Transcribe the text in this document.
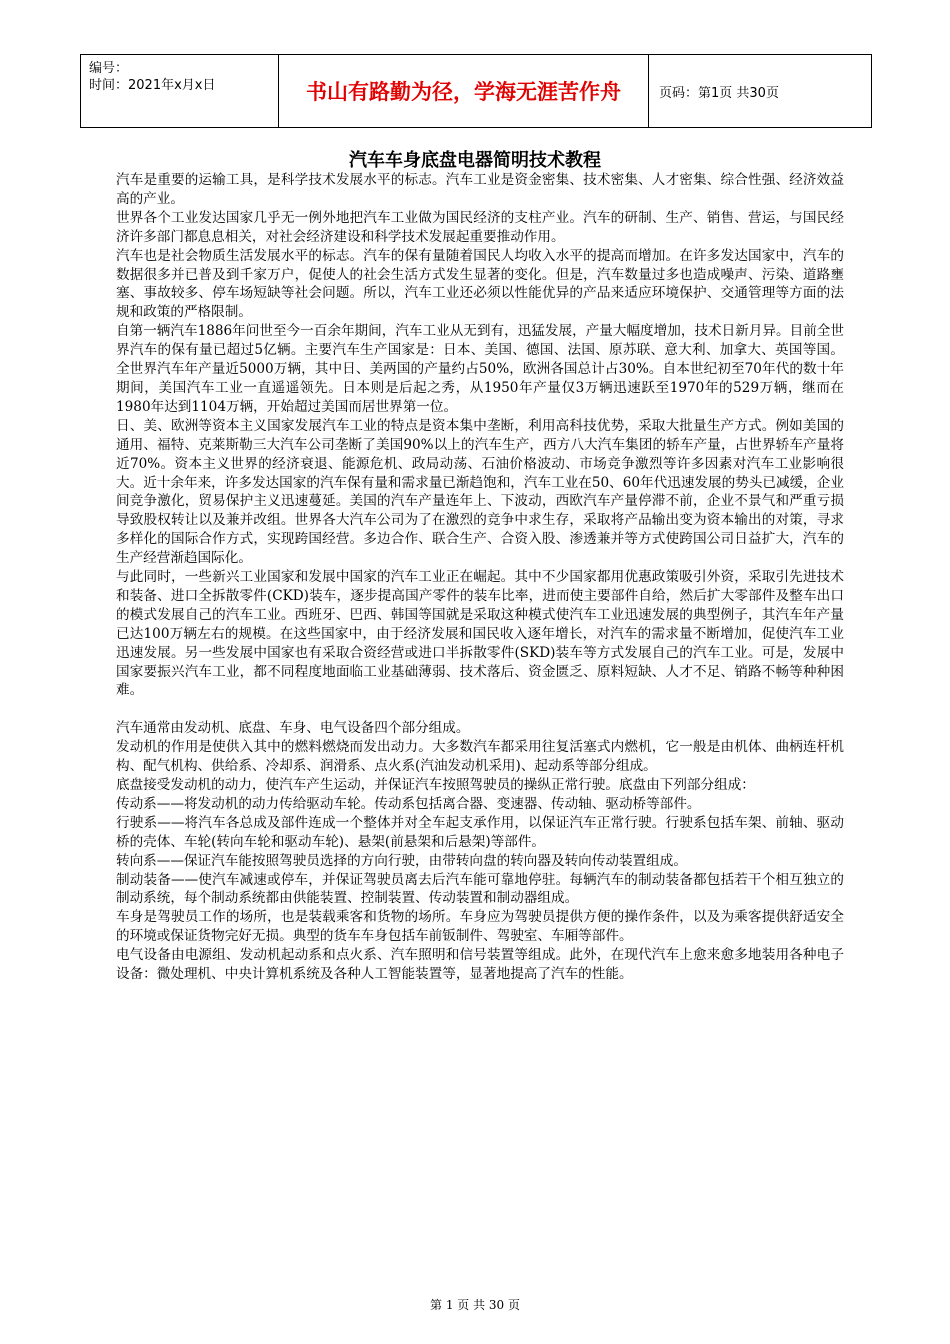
编号：
时间：2021年x月x日	书山有路勤为径，学海无涯苦作舟	页码：第1页 共30页
汽车车身底盘电器简明技术教程

汽车是重要的运输工具，是科学技术发展水平的标志。汽车工业是资金密集、技术密集、人才密集、综合性强、经济效益高的产业。

世界各个工业发达国家几乎无一例外地把汽车工业做为国民经济的支柱产业。汽车的研制、生产、销售、营运，与国民经济许多部门都息息相关，对社会经济建设和科学技术发展起重要推动作用。

汽车也是社会物质生活发展水平的标志。汽车的保有量随着国民人均收入水平的提高而增加。在许多发达国家中，汽车的数据很多并已普及到千家万户，促使人的社会生活方式发生显著的变化。但是，汽车数量过多也造成噪声、污染、道路壅塞、事故较多、停车场短缺等社会问题。所以，汽车工业还必须以性能优异的产品来适应环境保护、交通管理等方面的法规和政策的严格限制。

自第一辆汽车1886年问世至今一百余年期间，汽车工业从无到有，迅猛发展，产量大幅度增加，技术日新月异。目前全世界汽车的保有量已超过5亿辆。主要汽车生产国家是：日本、美国、德国、法国、原苏联、意大利、加拿大、英国等国。全世界汽车年产量近5000万辆，其中日、美两国的产量约占50%，欧洲各国总计占30%。自本世纪初至70年代的数十年期间，美国汽车工业一直遥遥领先。日本则是后起之秀，从1950年产量仅3万辆迅速跃至1970年的529万辆，继而在1980年达到1104万辆，开始超过美国而居世界第一位。

日、美、欧洲等资本主义国家发展汽车工业的特点是资本集中垄断，利用高科技优势，采取大批量生产方式。例如美国的通用、福特、克莱斯勒三大汽车公司垄断了美国90%以上的汽车生产，西方八大汽车集团的轿车产量，占世界轿车产量将近70%。资本主义世界的经济衰退、能源危机、政局动荡、石油价格波动、市场竞争激烈等许多因素对汽车工业影响很大。近十余年来，许多发达国家的汽车保有量和需求量已渐趋饱和，汽车工业在50、60年代迅速发展的势头已减缓，企业间竞争激化，贸易保护主义迅速蔓延。美国的汽车产量连年上、下波动，西欧汽车产量停滞不前，企业不景气和严重亏损导致股权转让以及兼并改组。世界各大汽车公司为了在激烈的竞争中求生存，采取将产品输出变为资本输出的对策，寻求多样化的国际合作方式，实现跨国经营。多边合作、联合生产、合资入股、渗透兼并等方式使跨国公司日益扩大，汽车的生产经营渐趋国际化。

与此同时，一些新兴工业国家和发展中国家的汽车工业正在崛起。其中不少国家都用优惠政策吸引外资，采取引先进技术和装备、进口全拆散零件(CKD)装车，逐步提高国产零件的装车比率，进而使主要部件自给，然后扩大零部件及整车出口的模式发展自己的汽车工业。西班牙、巴西、韩国等国就是采取这种模式使汽车工业迅速发展的典型例子，其汽车年产量已达100万辆左右的规模。在这些国家中，由于经济发展和国民收入逐年增长，对汽车的需求量不断增加，促使汽车工业迅速发展。另一些发展中国家也有采取合资经营或进口半拆散零件(SKD)装车等方式发展自己的汽车工业。可是，发展中国家要振兴汽车工业，都不同程度地面临工业基础薄弱、技术落后、资金匮乏、原料短缺、人才不足、销路不畅等种种困难。

汽车通常由发动机、底盘、车身、电气设备四个部分组成。

发动机的作用是使供入其中的燃料燃烧而发出动力。大多数汽车都采用往复活塞式内燃机，它一般是由机体、曲柄连杆机构、配气机构、供给系、冷却系、润滑系、点火系(汽油发动机采用)、起动系等部分组成。

底盘接受发动机的动力，使汽车产生运动，并保证汽车按照驾驶员的操纵正常行驶。底盘由下列部分组成：

传动系——将发动机的动力传给驱动车轮。传动系包括离合器、变速器、传动轴、驱动桥等部件。

行驶系——将汽车各总成及部件连成一个整体并对全车起支承作用，以保证汽车正常行驶。行驶系包括车架、前轴、驱动桥的壳体、车轮(转向车轮和驱动车轮)、悬架(前悬架和后悬架)等部件。

转向系——保证汽车能按照驾驶员选择的方向行驶，由带转向盘的转向器及转向传动装置组成。

制动装备——使汽车减速或停车，并保证驾驶员离去后汽车能可靠地停驻。每辆汽车的制动装备都包括若干个相互独立的制动系统，每个制动系统都由供能装置、控制装置、传动装置和制动器组成。

车身是驾驶员工作的场所，也是装载乘客和货物的场所。车身应为驾驶员提供方便的操作条件，以及为乘客提供舒适安全的环境或保证货物完好无损。典型的货车车身包括车前钣制件、驾驶室、车厢等部件。

电气设备由电源组、发动机起动系和点火系、汽车照明和信号装置等组成。此外，在现代汽车上愈来愈多地装用各种电子设备：微处理机、中央计算机系统及各种人工智能装置等，显著地提高了汽车的性能。

第 1 页 共 30 页
